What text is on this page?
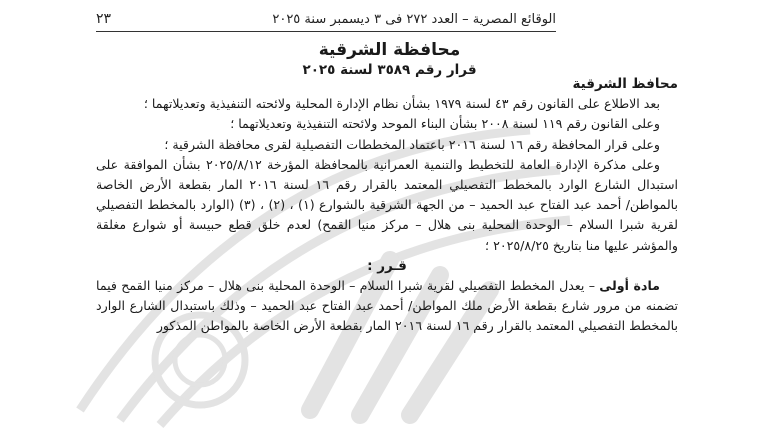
الوقائع المصرية – العدد ٢٧٢ فى ٣ ديسمبر سنة ٢٠٢٥
٢٣
محافظة الشرقية
قرار رقم ٣٥٨٩ لسنة ٢٠٢٥

محافظ الشرقية

بعد الاطلاع على القانون رقم ٤٣ لسنة ١٩٧٩ بشأن نظام الإدارة المحلية ولائحته التنفيذية وتعديلاتهما ؛

وعلى القانون رقم ١١٩ لسنة ٢٠٠٨ بشأن البناء الموحد ولائحته التنفيذية وتعديلاتهما ؛

وعلى قرار المحافظة رقم ١٦ لسنة ٢٠١٦ باعتماد المخططات التفصيلية لقرى محافظة الشرقية ؛

وعلى مذكرة الإدارة العامة للتخطيط والتنمية العمرانية بالمحافظة المؤرخة ٢٠٢٥/٨/١٢ بشأن الموافقة على استبدال الشارع الوارد بالمخطط التفصيلي المعتمد بالقرار رقم ١٦ لسنة ٢٠١٦ المار بقطعة الأرض الخاصة بالمواطن/ أحمد عبد الفتاح عبد الحميد – من الجهة الشرقية بالشوارع (١) ، (٢) ، (٣) (الوارد بالمخطط التفصيلي لقرية شبرا السلام – الوحدة المحلية بنى هلال – مركز منيا القمح) لعدم خلق قطع حبيسة أو شوارع مغلقة والمؤشر عليها منا بتاريخ ٢٠٢٥/٨/٢٥ ؛

قـرر :

مادة أولى – يعدل المخطط التفصيلي لقرية شبرا السلام – الوحدة المحلية بنى هلال – مركز منيا القمح فيما تضمنه من مرور شارع بقطعة الأرض ملك المواطن/ أحمد عبد الفتاح عبد الحميد – وذلك باستبدال الشارع الوارد بالمخطط التفصيلي المعتمد بالقرار رقم ١٦ لسنة ٢٠١٦ المار بقطعة الأرض الخاصة بالمواطن المذكور
